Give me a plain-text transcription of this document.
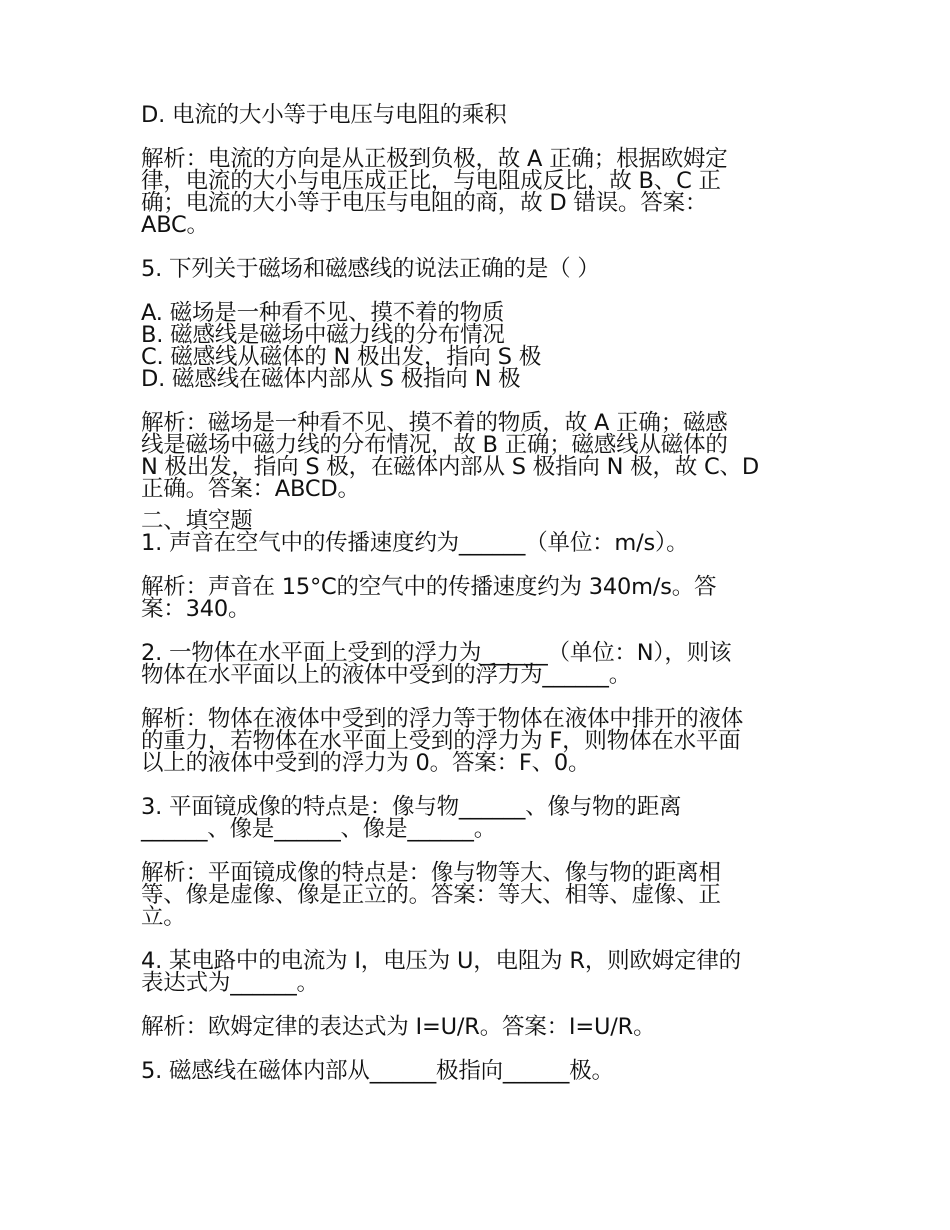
D. 电流的大小等于电压与电阻的乘积

解析：电流的方向是从正极到负极，故 A 正确；根据欧姆定
律，电流的大小与电压成正比，与电阻成反比，故 B、C 正
确；电流的大小等于电压与电阻的商，故 D 错误。答案：
ABC。

5. 下列关于磁场和磁感线的说法正确的是（ ）

A. 磁场是一种看不见、摸不着的物质
B. 磁感线是磁场中磁力线的分布情况
C. 磁感线从磁体的 N 极出发，指向 S 极
D. 磁感线在磁体内部从 S 极指向 N 极

解析：磁场是一种看不见、摸不着的物质，故 A 正确；磁感
线是磁场中磁力线的分布情况，故 B 正确；磁感线从磁体的
N 极出发，指向 S 极，在磁体内部从 S 极指向 N 极，故 C、D
正确。答案：ABCD。

二、填空题

1. 声音在空气中的传播速度约为______（单位：m/s）。

解析：声音在 15°C的空气中的传播速度约为 340m/s。答
案：340。

2. 一物体在水平面上受到的浮力为______（单位：N），则该
物体在水平面以上的液体中受到的浮力为______。

解析：物体在液体中受到的浮力等于物体在液体中排开的液体
的重力，若物体在水平面上受到的浮力为 F，则物体在水平面
以上的液体中受到的浮力为 0。答案：F、0。

3. 平面镜成像的特点是：像与物______、像与物的距离
______、像是______、像是______。

解析：平面镜成像的特点是：像与物等大、像与物的距离相
等、像是虚像、像是正立的。答案：等大、相等、虚像、正
立。

4. 某电路中的电流为 I，电压为 U，电阻为 R，则欧姆定律的
表达式为______。

解析：欧姆定律的表达式为 I=U/R。答案：I=U/R。

5. 磁感线在磁体内部从______极指向______极。
